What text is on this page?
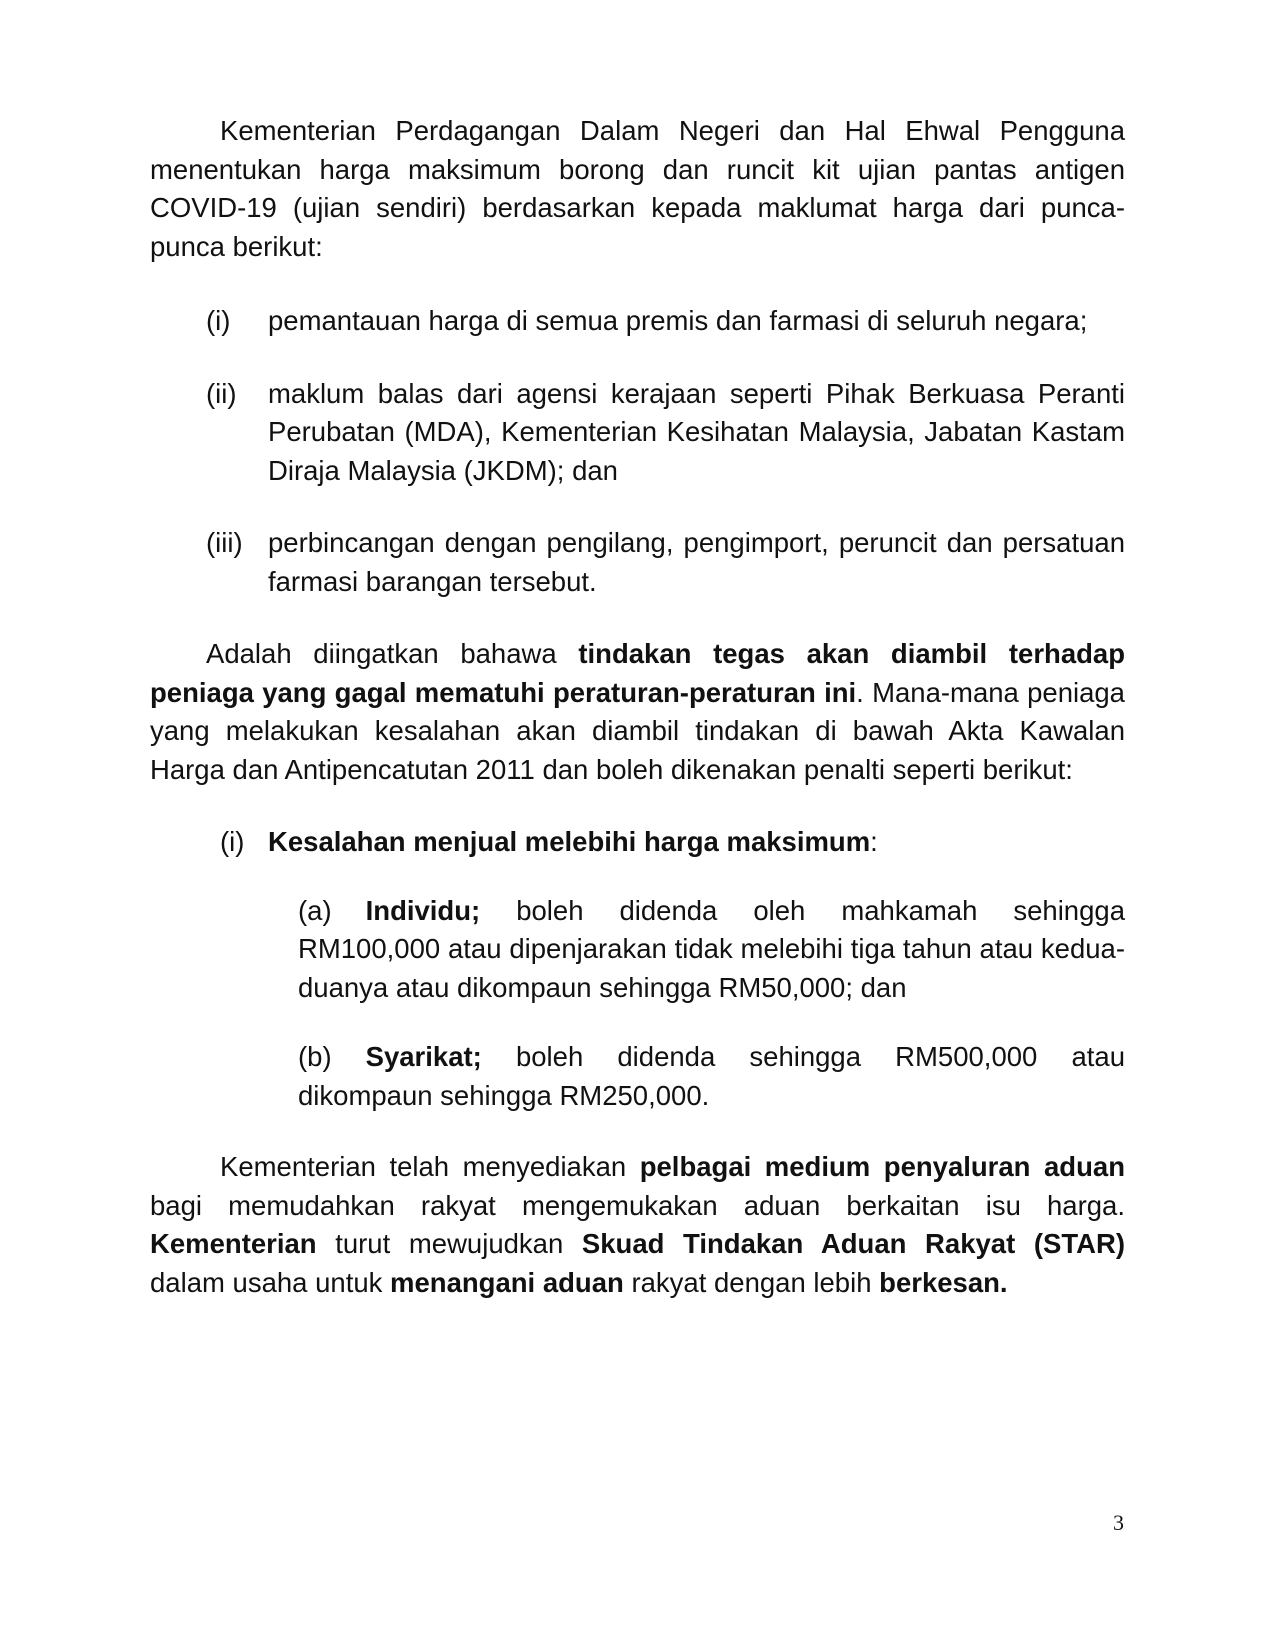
Kementerian Perdagangan Dalam Negeri dan Hal Ehwal Pengguna menentukan harga maksimum borong dan runcit kit ujian pantas antigen COVID-19 (ujian sendiri) berdasarkan kepada maklumat harga dari punca-punca berikut:

(i) pemantauan harga di semua premis dan farmasi di seluruh negara;

(ii) maklum balas dari agensi kerajaan seperti Pihak Berkuasa Peranti Perubatan (MDA), Kementerian Kesihatan Malaysia, Jabatan Kastam Diraja Malaysia (JKDM); dan

(iii) perbincangan dengan pengilang, pengimport, peruncit dan persatuan farmasi barangan tersebut.

Adalah diingatkan bahawa tindakan tegas akan diambil terhadap peniaga yang gagal mematuhi peraturan-peraturan ini. Mana-mana peniaga yang melakukan kesalahan akan diambil tindakan di bawah Akta Kawalan Harga dan Antipencatutan 2011 dan boleh dikenakan penalti seperti berikut:

(i) Kesalahan menjual melebihi harga maksimum:

(a) Individu; boleh didenda oleh mahkamah sehingga RM100,000 atau dipenjarakan tidak melebihi tiga tahun atau kedua-duanya atau dikompaun sehingga RM50,000; dan

(b) Syarikat; boleh didenda sehingga RM500,000 atau dikompaun sehingga RM250,000.

Kementerian telah menyediakan pelbagai medium penyaluran aduan bagi memudahkan rakyat mengemukakan aduan berkaitan isu harga. Kementerian turut mewujudkan Skuad Tindakan Aduan Rakyat (STAR) dalam usaha untuk menangani aduan rakyat dengan lebih berkesan.

3
